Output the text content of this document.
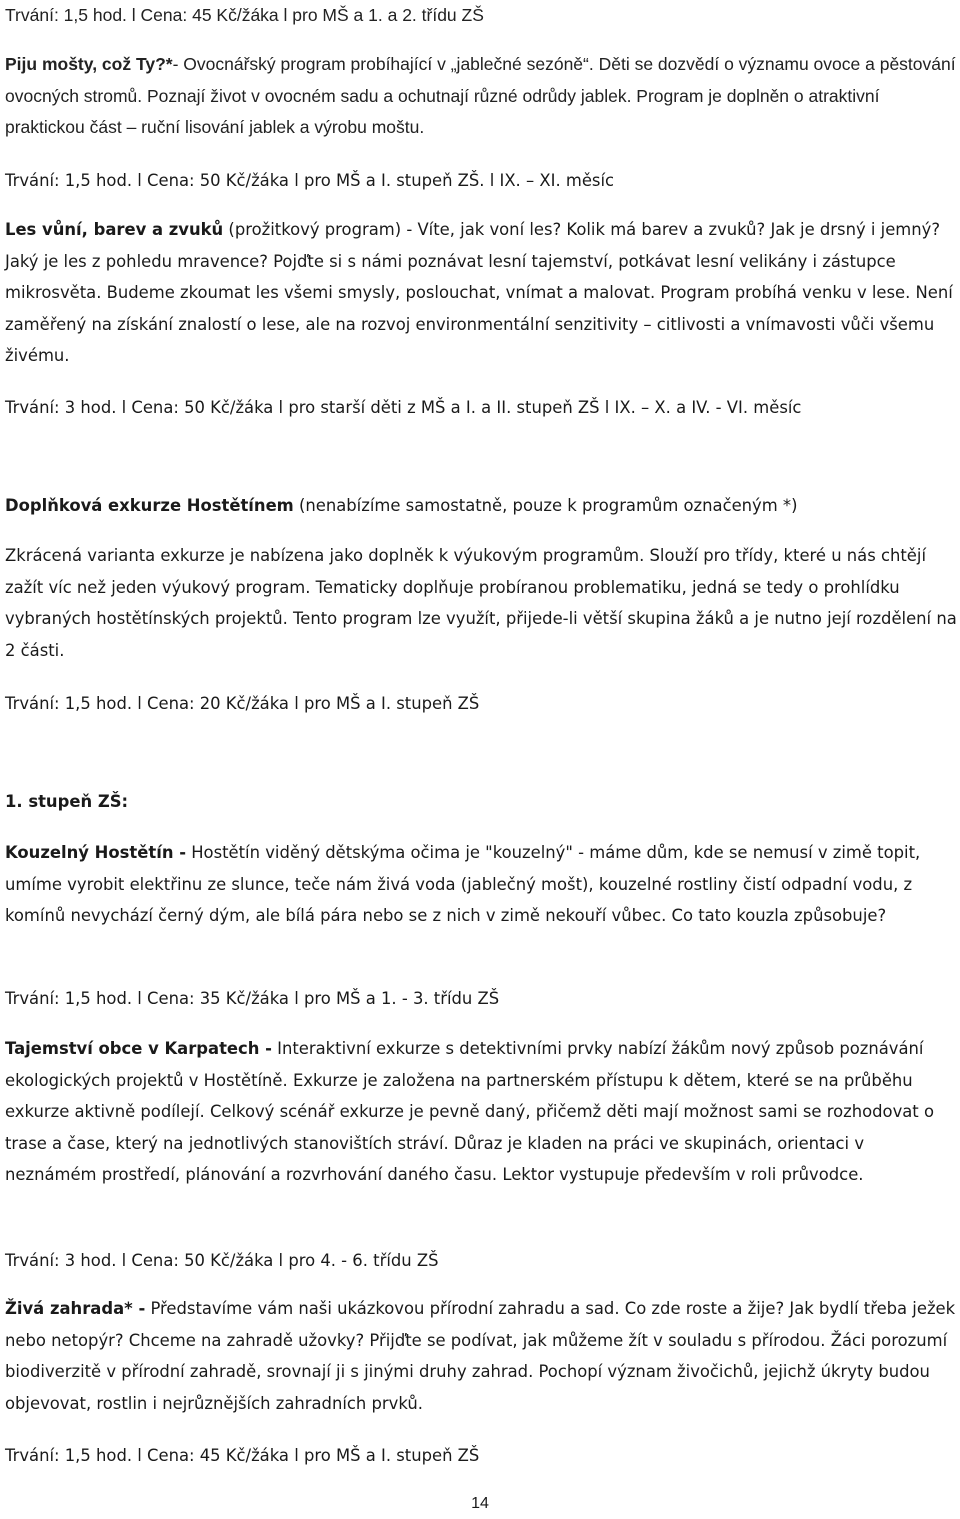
14

Trvání: 1,5 hod. l Cena: 45 Kč/žáka l pro MŠ a 1. a 2. třídu ZŠ

Piju mošty, což Ty?*- Ovocnářský program probíhající v „jablečné sezóně“. Děti se dozvědí o významu ovoce a pěstování ovocných stromů. Poznají život v ovocném sadu a ochutnají různé odrůdy jablek. Program je doplněn o atraktivní praktickou část – ruční lisování jablek a výrobu moštu.

Trvání: 1,5 hod. l Cena: 50 Kč/žáka l pro MŠ a I. stupeň ZŠ. l IX. – XI. měsíc

Les vůní, barev a zvuků (prožitkový program) - Víte, jak voní les? Kolik má barev a zvuků? Jak je drsný i jemný? Jaký je les z pohledu mravence? Pojďte si s námi poznávat lesní tajemství, potkávat lesní velikány i zástupce mikrosvěta. Budeme zkoumat les všemi smysly, poslouchat, vnímat a malovat. Program probíhá venku v lese. Není zaměřený na získání znalostí o lese, ale na rozvoj environmentální senzitivity – citlivosti a vnímavosti vůči všemu živému.

Trvání: 3 hod. l Cena: 50 Kč/žáka l pro starší děti z MŠ a I. a II. stupeň ZŠ l IX. – X. a IV. - VI. měsíc

Doplňková exkurze Hostětínem (nenabízíme samostatně, pouze k programům označeným *)

Zkrácená varianta exkurze je nabízena jako doplněk k výukovým programům. Slouží pro třídy, které u nás chtějí zažít víc než jeden výukový program. Tematicky doplňuje probíranou problematiku, jedná se tedy o prohlídku vybraných hostětínských projektů. Tento program lze využít, přijede-li větší skupina žáků a je nutno její rozdělení na 2 části.

Trvání: 1,5 hod. l Cena: 20 Kč/žáka l pro MŠ a I. stupeň ZŠ

1. stupeň ZŠ:

Kouzelný Hostětín - Hostětín viděný dětskýma očima je "kouzelný" - máme dům, kde se nemusí v zimě topit, umíme vyrobit elektřinu ze slunce, teče nám živá voda (jablečný mošt), kouzelné rostliny čistí odpadní vodu, z komínů nevychází černý dým, ale bílá pára nebo se z nich v zimě nekouří vůbec. Co tato kouzla způsobuje?

Trvání: 1,5 hod. l Cena: 35 Kč/žáka l pro MŠ a 1. - 3. třídu ZŠ

Tajemství obce v Karpatech - Interaktivní exkurze s detektivními prvky nabízí žákům nový způsob poznávání ekologických projektů v Hostětíně. Exkurze je založena na partnerském přístupu k dětem, které se na průběhu exkurze aktivně podílejí. Celkový scénář exkurze je pevně daný, přičemž děti mají možnost sami se rozhodovat o trase a čase, který na jednotlivých stanovištích stráví. Důraz je kladen na práci ve skupinách, orientaci v neznámém prostředí, plánování a rozvrhování daného času. Lektor vystupuje především v roli průvodce.

Trvání: 3 hod. l Cena: 50 Kč/žáka l pro 4. - 6. třídu ZŠ

Živá zahrada* - Představíme vám naši ukázkovou přírodní zahradu a sad. Co zde roste a žije? Jak bydlí třeba ježek nebo netopýr? Chceme na zahradě užovky? Přijďte se podívat, jak můžeme žít v souladu s přírodou. Žáci porozumí biodiverzitě v přírodní zahradě, srovnají ji s jinými druhy zahrad. Pochopí význam živočichů, jejichž úkryty budou objevovat, rostlin i nejrůznějších zahradních prvků.

Trvání: 1,5 hod. l Cena: 45 Kč/žáka l pro MŠ a I. stupeň ZŠ
